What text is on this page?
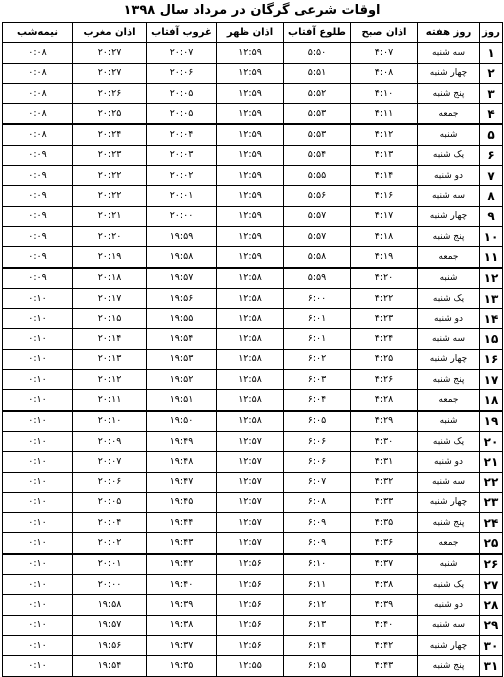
اوقات شرعی گرگان در مرداد سال ۱۳۹۸
روز	روز هفته	اذان صبح	طلوع آفتاب	اذان ظهر	غروب آفتاب	اذان مغرب	نیمه‌شب
۱	سه شنبه	۴:۰۷	۵:۵۰	۱۲:۵۹	۲۰:۰۷	۲۰:۲۷	۰:۰۸
۲	چهار شنبه	۴:۰۸	۵:۵۱	۱۲:۵۹	۲۰:۰۶	۲۰:۲۷	۰:۰۸
۳	پنج شنبه	۴:۱۰	۵:۵۲	۱۲:۵۹	۲۰:۰۵	۲۰:۲۶	۰:۰۸
۴	جمعه	۴:۱۱	۵:۵۳	۱۲:۵۹	۲۰:۰۵	۲۰:۲۵	۰:۰۸
۵	شنبه	۴:۱۲	۵:۵۳	۱۲:۵۹	۲۰:۰۴	۲۰:۲۴	۰:۰۸
۶	یک شنبه	۴:۱۳	۵:۵۴	۱۲:۵۹	۲۰:۰۳	۲۰:۲۳	۰:۰۹
۷	دو شنبه	۴:۱۴	۵:۵۵	۱۲:۵۹	۲۰:۰۲	۲۰:۲۲	۰:۰۹
۸	سه شنبه	۴:۱۶	۵:۵۶	۱۲:۵۹	۲۰:۰۱	۲۰:۲۲	۰:۰۹
۹	چهار شنبه	۴:۱۷	۵:۵۷	۱۲:۵۹	۲۰:۰۰	۲۰:۲۱	۰:۰۹
۱۰	پنج شنبه	۴:۱۸	۵:۵۷	۱۲:۵۹	۱۹:۵۹	۲۰:۲۰	۰:۰۹
۱۱	جمعه	۴:۱۹	۵:۵۸	۱۲:۵۹	۱۹:۵۸	۲۰:۱۹	۰:۰۹
۱۲	شنبه	۴:۲۰	۵:۵۹	۱۲:۵۸	۱۹:۵۷	۲۰:۱۸	۰:۰۹
۱۳	یک شنبه	۴:۲۲	۶:۰۰	۱۲:۵۸	۱۹:۵۶	۲۰:۱۷	۰:۱۰
۱۴	دو شنبه	۴:۲۳	۶:۰۱	۱۲:۵۸	۱۹:۵۵	۲۰:۱۵	۰:۱۰
۱۵	سه شنبه	۴:۲۴	۶:۰۱	۱۲:۵۸	۱۹:۵۴	۲۰:۱۴	۰:۱۰
۱۶	چهار شنبه	۴:۲۵	۶:۰۲	۱۲:۵۸	۱۹:۵۳	۲۰:۱۳	۰:۱۰
۱۷	پنج شنبه	۴:۲۶	۶:۰۳	۱۲:۵۸	۱۹:۵۲	۲۰:۱۲	۰:۱۰
۱۸	جمعه	۴:۲۸	۶:۰۴	۱۲:۵۸	۱۹:۵۱	۲۰:۱۱	۰:۱۰
۱۹	شنبه	۴:۲۹	۶:۰۵	۱۲:۵۸	۱۹:۵۰	۲۰:۱۰	۰:۱۰
۲۰	یک شنبه	۴:۳۰	۶:۰۶	۱۲:۵۷	۱۹:۴۹	۲۰:۰۹	۰:۱۰
۲۱	دو شنبه	۴:۳۱	۶:۰۶	۱۲:۵۷	۱۹:۴۸	۲۰:۰۷	۰:۱۰
۲۲	سه شنبه	۴:۳۲	۶:۰۷	۱۲:۵۷	۱۹:۴۷	۲۰:۰۶	۰:۱۰
۲۳	چهار شنبه	۴:۳۳	۶:۰۸	۱۲:۵۷	۱۹:۴۵	۲۰:۰۵	۰:۱۰
۲۴	پنج شنبه	۴:۳۵	۶:۰۹	۱۲:۵۷	۱۹:۴۴	۲۰:۰۴	۰:۱۰
۲۵	جمعه	۴:۳۶	۶:۰۹	۱۲:۵۷	۱۹:۴۳	۲۰:۰۲	۰:۱۰
۲۶	شنبه	۴:۳۷	۶:۱۰	۱۲:۵۶	۱۹:۴۲	۲۰:۰۱	۰:۱۰
۲۷	یک شنبه	۴:۳۸	۶:۱۱	۱۲:۵۶	۱۹:۴۰	۲۰:۰۰	۰:۱۰
۲۸	دو شنبه	۴:۳۹	۶:۱۲	۱۲:۵۶	۱۹:۳۹	۱۹:۵۸	۰:۱۰
۲۹	سه شنبه	۴:۴۰	۶:۱۳	۱۲:۵۶	۱۹:۳۸	۱۹:۵۷	۰:۱۰
۳۰	چهار شنبه	۴:۴۲	۶:۱۴	۱۲:۵۶	۱۹:۳۷	۱۹:۵۶	۰:۱۰
۳۱	پنج شنبه	۴:۴۳	۶:۱۵	۱۲:۵۵	۱۹:۳۵	۱۹:۵۴	۰:۱۰
